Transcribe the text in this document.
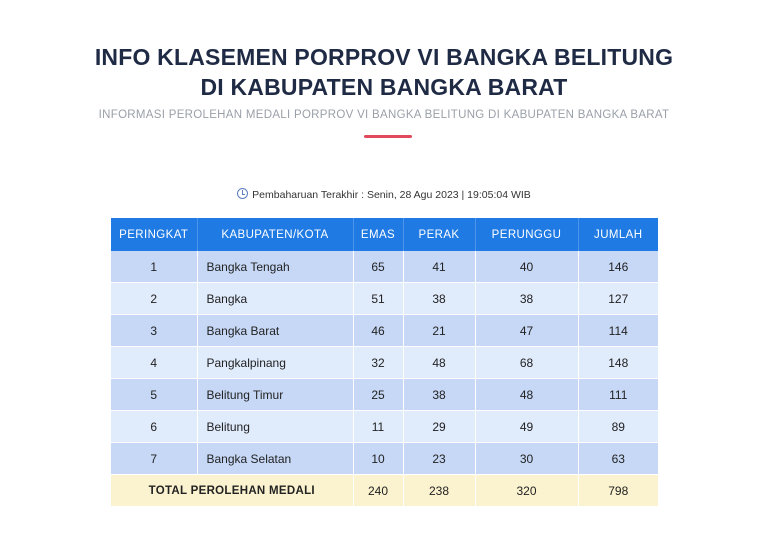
INFO KLASEMEN PORPROV VI BANGKA BELITUNG
DI KABUPATEN BANGKA BARAT
INFORMASI PEROLEHAN MEDALI PORPROV VI BANGKA BELITUNG DI KABUPATEN BANGKA BARAT
Pembaharuan Terakhir : Senin, 28 Agu 2023 | 19:05:04 WIB
PERINGKAT	KABUPATEN/KOTA	EMAS	PERAK	PERUNGGU	JUMLAH
1	Bangka Tengah	65	41	40	146
2	Bangka	51	38	38	127
3	Bangka Barat	46	21	47	114
4	Pangkalpinang	32	48	68	148
5	Belitung Timur	25	38	48	111
6	Belitung	11	29	49	89
7	Bangka Selatan	10	23	30	63
TOTAL PEROLEHAN MEDALI		240	238	320	798
